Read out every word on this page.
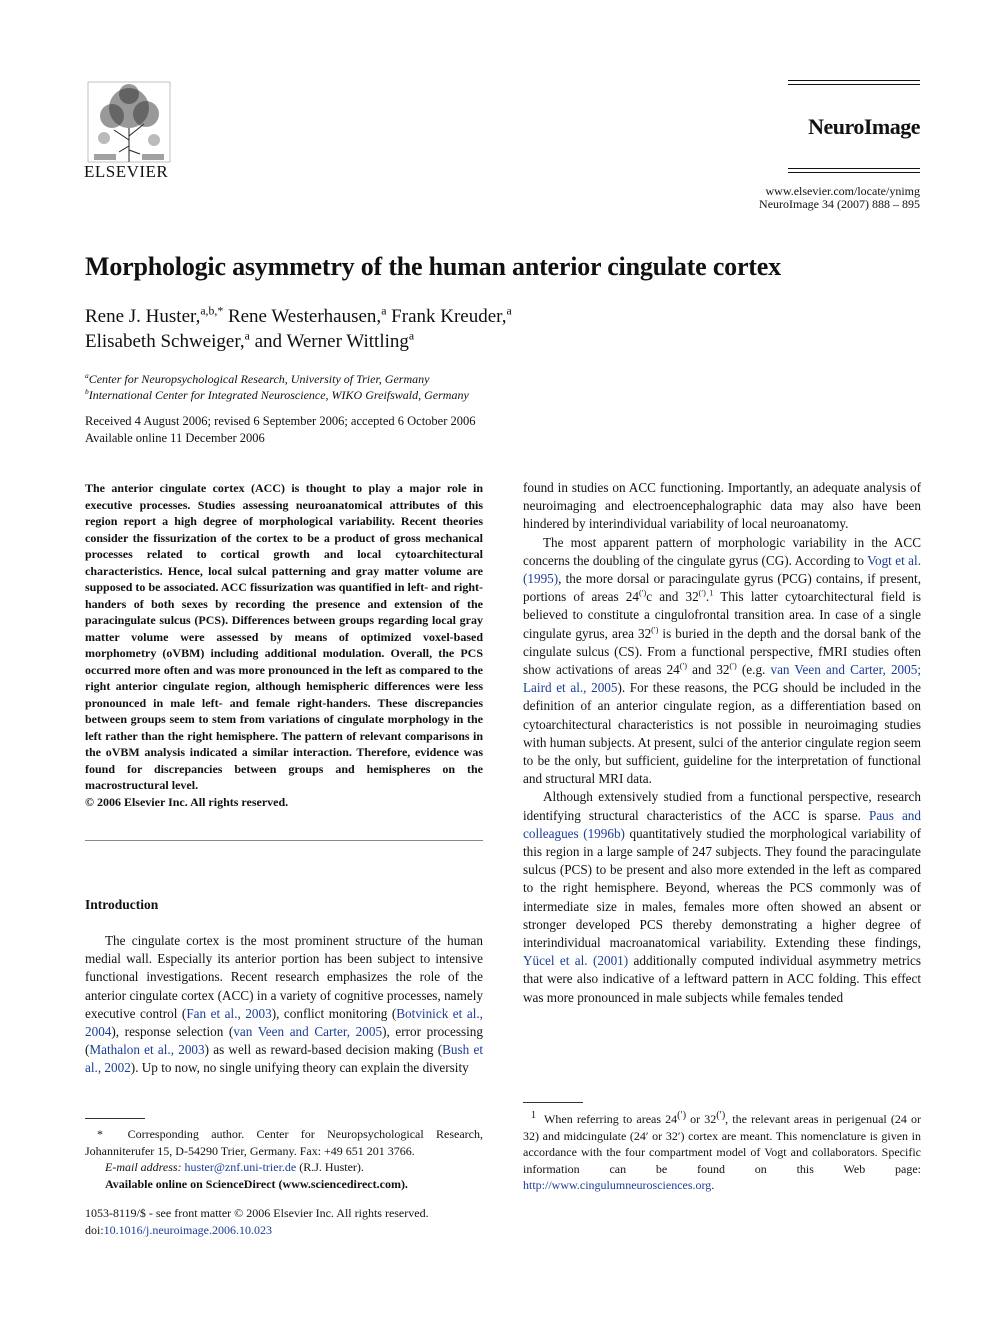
ELSEVIER
NeuroImage
www.elsevier.com/locate/ynimg
NeuroImage 34 (2007) 888 – 895
Morphologic asymmetry of the human anterior cingulate cortex
Rene J. Huster,$^{a,b,*}$ Rene Westerhausen,$^a$ Frank Kreuder,$^a$
Elisabeth Schweiger,$^a$ and Werner Wittling$^a$
$^a$Center for Neuropsychological Research, University of Trier, Germany
$^b$International Center for Integrated Neuroscience, WIKO Greifswald, Germany
Received 4 August 2006; revised 6 September 2006; accepted 6 October 2006
Available online 11 December 2006

The anterior cingulate cortex (ACC) is thought to play a major role in executive processes. Studies assessing neuroanatomical attributes of this region report a high degree of morphological variability. Recent theories consider the fissurization of the cortex to be a product of gross mechanical processes related to cortical growth and local cytoarchitectural characteristics. Hence, local sulcal patterning and gray matter volume are supposed to be associated. ACC fissurization was quantified in left- and right-handers of both sexes by recording the presence and extension of the paracingulate sulcus (PCS). Differences between groups regarding local gray matter volume were assessed by means of optimized voxel-based morphometry (oVBM) including additional modulation. Overall, the PCS occurred more often and was more pronounced in the left as compared to the right anterior cingulate region, although hemispheric differences were less pronounced in male left- and female right-handers. These discrepancies between groups seem to stem from variations of cingulate morphology in the left rather than the right hemisphere. The pattern of relevant comparisons in the oVBM analysis indicated a similar interaction. Therefore, evidence was found for discrepancies between groups and hemispheres on the macrostructural level.

© 2006 Elsevier Inc. All rights reserved.

Introduction

The cingulate cortex is the most prominent structure of the human medial wall. Especially its anterior portion has been subject to intensive functional investigations. Recent research emphasizes the role of the anterior cingulate cortex (ACC) in a variety of cognitive processes, namely executive control (Fan et al., 2003), conflict monitoring (Botvinick et al., 2004), response selection (van Veen and Carter, 2005), error processing (Mathalon et al., 2003) as well as reward-based decision making (Bush et al., 2002). Up to now, no single unifying theory can explain the diversity

* Corresponding author. Center for Neuropsychological Research, Johanniterufer 15, D-54290 Trier, Germany. Fax: +49 651 201 3766.
E-mail address: huster@znf.uni-trier.de (R.J. Huster).
Available online on ScienceDirect (www.sciencedirect.com).
1053-8119/$ - see front matter © 2006 Elsevier Inc. All rights reserved.
doi:10.1016/j.neuroimage.2006.10.023

found in studies on ACC functioning. Importantly, an adequate analysis of neuroimaging and electroencephalographic data may also have been hindered by interindividual variability of local neuroanatomy.

The most apparent pattern of morphologic variability in the ACC concerns the doubling of the cingulate gyrus (CG). According to Vogt et al. (1995), the more dorsal or paracingulate gyrus (PCG) contains, if present, portions of areas 24(′)c and 32(′).$^1$ This latter cytoarchitectural field is believed to constitute a cingulofrontal transition area. In case of a single cingulate gyrus, area 32(′) is buried in the depth and the dorsal bank of the cingulate sulcus (CS). From a functional perspective, fMRI studies often show activations of areas 24(′) and 32(′) (e.g. van Veen and Carter, 2005; Laird et al., 2005). For these reasons, the PCG should be included in the definition of an anterior cingulate region, as a differentiation based on cytoarchitectural characteristics is not possible in neuroimaging studies with human subjects. At present, sulci of the anterior cingulate region seem to be the only, but sufficient, guideline for the interpretation of functional and structural MRI data.

Although extensively studied from a functional perspective, research identifying structural characteristics of the ACC is sparse. Paus and colleagues (1996b) quantitatively studied the morphological variability of this region in a large sample of 247 subjects. They found the paracingulate sulcus (PCS) to be present and also more extended in the left as compared to the right hemisphere. Beyond, whereas the PCS commonly was of intermediate size in males, females more often showed an absent or stronger developed PCS thereby demonstrating a higher degree of interindividual macroanatomical variability. Extending these findings, Yücel et al. (2001) additionally computed individual asymmetry metrics that were also indicative of a leftward pattern in ACC folding. This effect was more pronounced in male subjects while females tended

$^1$ When referring to areas 24(′) or 32(′), the relevant areas in perigenual (24 or 32) and midcingulate (24′ or 32′) cortex are meant. This nomenclature is given in accordance with the four compartment model of Vogt and collaborators. Specific information can be found on this Web page: http://www.cingulumneurosciences.org.
